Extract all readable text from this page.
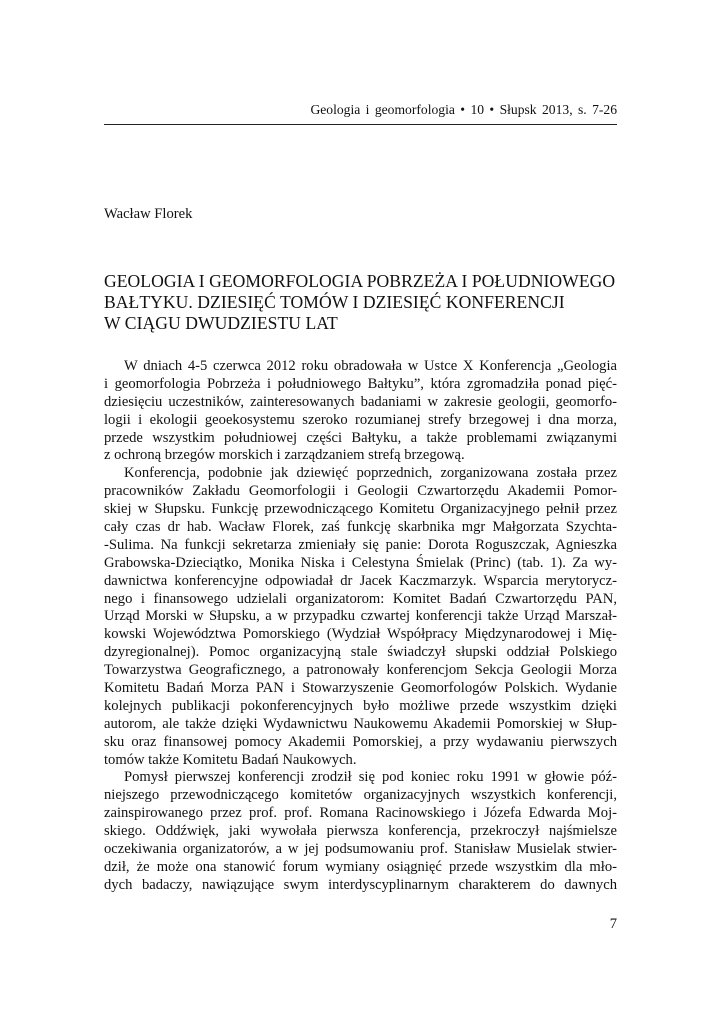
Geologia i geomorfologia • 10 • Słupsk 2013, s. 7-26
Wacław Florek
GEOLOGIA I GEOMORFOLOGIA POBRZEŻA I POŁUDNIOWEGO
BAŁTYKU. DZIESIĘĆ TOMÓW I DZIESIĘĆ KONFERENCJI
W CIĄGU DWUDZIESTU LAT
W dniach 4-5 czerwca 2012 roku obradowała w Ustce X Konferencja „Geologia
i geomorfologia Pobrzeża i południowego Bałtyku”, która zgromadziła ponad pięć-
dziesięciu uczestników, zainteresowanych badaniami w zakresie geologii, geomorfo-
logii i ekologii geoekosystemu szeroko rozumianej strefy brzegowej i dna morza,
przede wszystkim południowej części Bałtyku, a także problemami związanymi
z ochroną brzegów morskich i zarządzaniem strefą brzegową.
Konferencja, podobnie jak dziewięć poprzednich, zorganizowana została przez
pracowników Zakładu Geomorfologii i Geologii Czwartorzędu Akademii Pomor-
skiej w Słupsku. Funkcję przewodniczącego Komitetu Organizacyjnego pełnił przez
cały czas dr hab. Wacław Florek, zaś funkcję skarbnika mgr Małgorzata Szychta-
-Sulima. Na funkcji sekretarza zmieniały się panie: Dorota Roguszczak, Agnieszka
Grabowska-Dzieciątko, Monika Niska i Celestyna Śmielak (Princ) (tab. 1). Za wy-
dawnictwa konferencyjne odpowiadał dr Jacek Kaczmarzyk. Wsparcia merytorycz-
nego i finansowego udzielali organizatorom: Komitet Badań Czwartorzędu PAN,
Urząd Morski w Słupsku, a w przypadku czwartej konferencji także Urząd Marszał-
kowski Województwa Pomorskiego (Wydział Współpracy Międzynarodowej i Mię-
dzyregionalnej). Pomoc organizacyjną stale świadczył słupski oddział Polskiego
Towarzystwa Geograficznego, a patronowały konferencjom Sekcja Geologii Morza
Komitetu Badań Morza PAN i Stowarzyszenie Geomorfologów Polskich. Wydanie
kolejnych publikacji pokonferencyjnych było możliwe przede wszystkim dzięki
autorom, ale także dzięki Wydawnictwu Naukowemu Akademii Pomorskiej w Słup-
sku oraz finansowej pomocy Akademii Pomorskiej, a przy wydawaniu pierwszych
tomów także Komitetu Badań Naukowych.
Pomysł pierwszej konferencji zrodził się pod koniec roku 1991 w głowie póź-
niejszego przewodniczącego komitetów organizacyjnych wszystkich konferencji,
zainspirowanego przez prof. prof. Romana Racinowskiego i Józefa Edwarda Moj-
skiego. Oddźwięk, jaki wywołała pierwsza konferencja, przekroczył najśmielsze
oczekiwania organizatorów, a w jej podsumowaniu prof. Stanisław Musielak stwier-
dził, że może ona stanowić forum wymiany osiągnięć przede wszystkim dla mło-
dych badaczy, nawiązujące swym interdyscyplinarnym charakterem do dawnych
7
